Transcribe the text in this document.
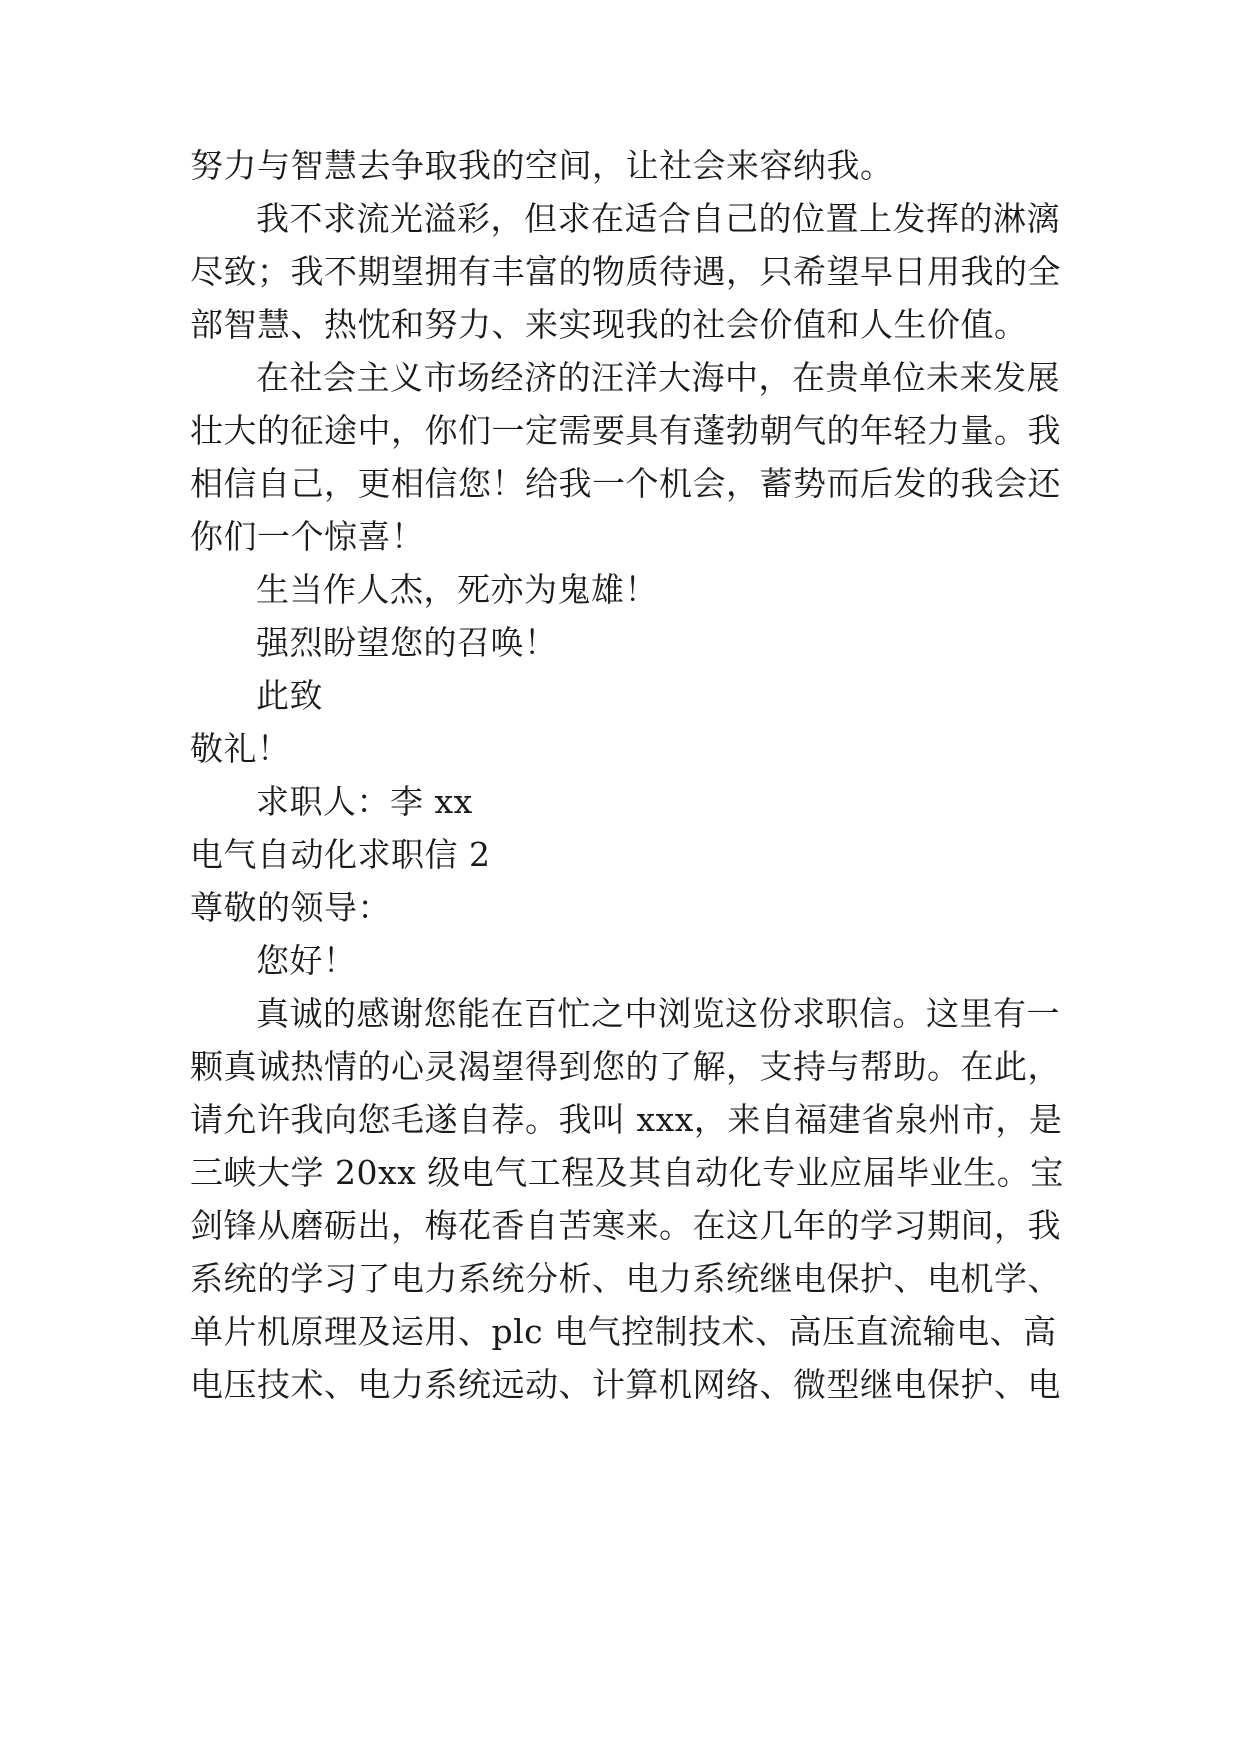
努力与智慧去争取我的空间，让社会来容纳我。
我不求流光溢彩，但求在适合自己的位置上发挥的淋漓
尽致；我不期望拥有丰富的物质待遇，只希望早日用我的全
部智慧、热忱和努力、来实现我的社会价值和人生价值。
在社会主义市场经济的汪洋大海中，在贵单位未来发展
壮大的征途中，你们一定需要具有蓬勃朝气的年轻力量。我
相信自己，更相信您！给我一个机会，蓄势而后发的我会还
你们一个惊喜！
生当作人杰，死亦为鬼雄！
强烈盼望您的召唤！
此致
敬礼！
求职人：李 xx
电气自动化求职信 2
尊敬的领导：
您好！
真诚的感谢您能在百忙之中浏览这份求职信。这里有一
颗真诚热情的心灵渴望得到您的了解，支持与帮助。在此，
请允许我向您毛遂自荐。我叫 xxx，来自福建省泉州市，是
三峡大学 20xx 级电气工程及其自动化专业应届毕业生。宝
剑锋从磨砺出，梅花香自苦寒来。在这几年的学习期间，我
系统的学习了电力系统分析、电力系统继电保护、电机学、
单片机原理及运用、plc 电气控制技术、高压直流输电、高
电压技术、电力系统远动、计算机网络、微型继电保护、电
